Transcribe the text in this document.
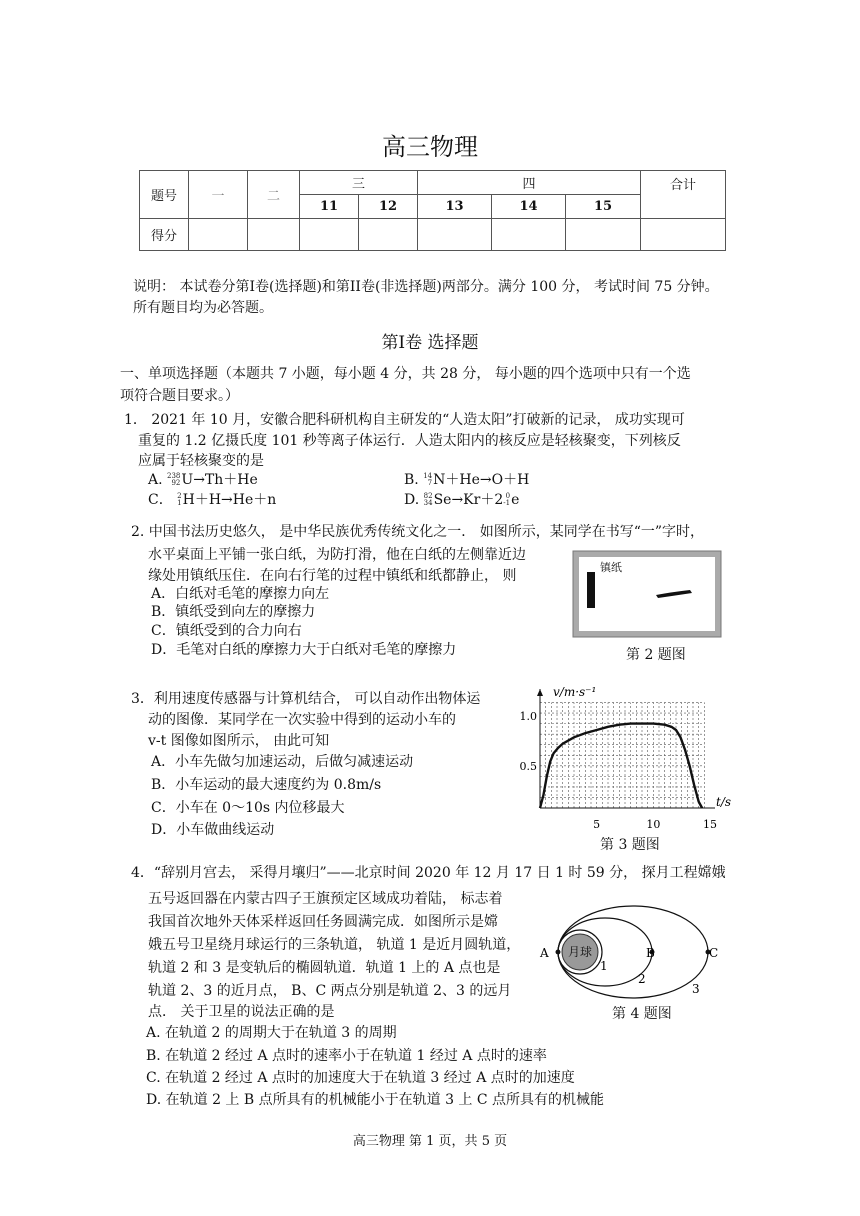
高三物理
题号	一	二	三		四			合计
			11	12	13	14	15	
得分								
说明： 本试卷分第I卷(选择题)和第II卷(非选择题)两部分。满分 100 分， 考试时间 75 分钟。
所有题目均为必答题。
第I卷 选择题
一、单项选择题（本题共 7 小题，每小题 4 分，共 28 分， 每小题的四个选项中只有一个选
项符合题目要求。）
1． 2021 年 10 月，安徽合肥科研机构自主研发的“人造太阳”打破新的记录， 成功实现可
重复的 1.2 亿摄氏度 101 秒等离子体运行．人造太阳内的核反应是轻核聚变，下列核反
应属于轻核聚变的是
A. 238
92U→Th＋He	B. 14
7N＋He→O＋H
C． 2
1H＋H→He＋n	D. 82
34Se→Kr＋2 0
-1e
2. 中国书法历史悠久， 是中华民族优秀传统文化之一． 如图所示，某同学在书写“一”字时，
水平桌面上平铺一张白纸，为防打滑，他在白纸的左侧靠近边
缘处用镇纸压住．在向右行笔的过程中镇纸和纸都静止， 则
A．白纸对毛笔的摩擦力向左
B．镇纸受到向左的摩擦力
C．镇纸受到的合力向右
D．毛笔对白纸的摩擦力大于白纸对毛笔的摩擦力
镇纸
第 2 题图
3．利用速度传感器与计算机结合， 可以自动作出物体运
动的图像．某同学在一次实验中得到的运动小车的
v-t 图像如图所示， 由此可知
A．小车先做匀加速运动，后做匀减速运动
B．小车运动的最大速度约为 0.8m/s
C．小车在 0～10s 内位移最大
D．小车做曲线运动
v/m·s⁻¹
t/s
1.0
0.5
5	10	15
第 3 题图
4．“辞别月宫去， 采得月壤归”——北京时间 2020 年 12 月 17 日 1 时 59 分， 探月工程嫦娥
五号返回器在内蒙古四子王旗预定区域成功着陆， 标志着
我国首次地外天体采样返回任务圆满完成．如图所示是嫦
娥五号卫星绕月球运行的三条轨道， 轨道 1 是近月圆轨道，
轨道 2 和 3 是变轨后的椭圆轨道．轨道 1 上的 A 点也是
轨道 2、3 的近月点， B、C 两点分别是轨道 2、3 的远月
点． 关于卫星的说法正确的是
A. 在轨道 2 的周期大于在轨道 3 的周期
B. 在轨道 2 经过 A 点时的速率小于在轨道 1 经过 A 点时的速率
C. 在轨道 2 经过 A 点时的加速度大于在轨道 3 经过 A 点时的加速度
D. 在轨道 2 上 B 点所具有的机械能小于在轨道 3 上 C 点所具有的机械能
月球
A	B	C
1
2
3
第 4 题图
高三物理 第 1 页，共 5 页
